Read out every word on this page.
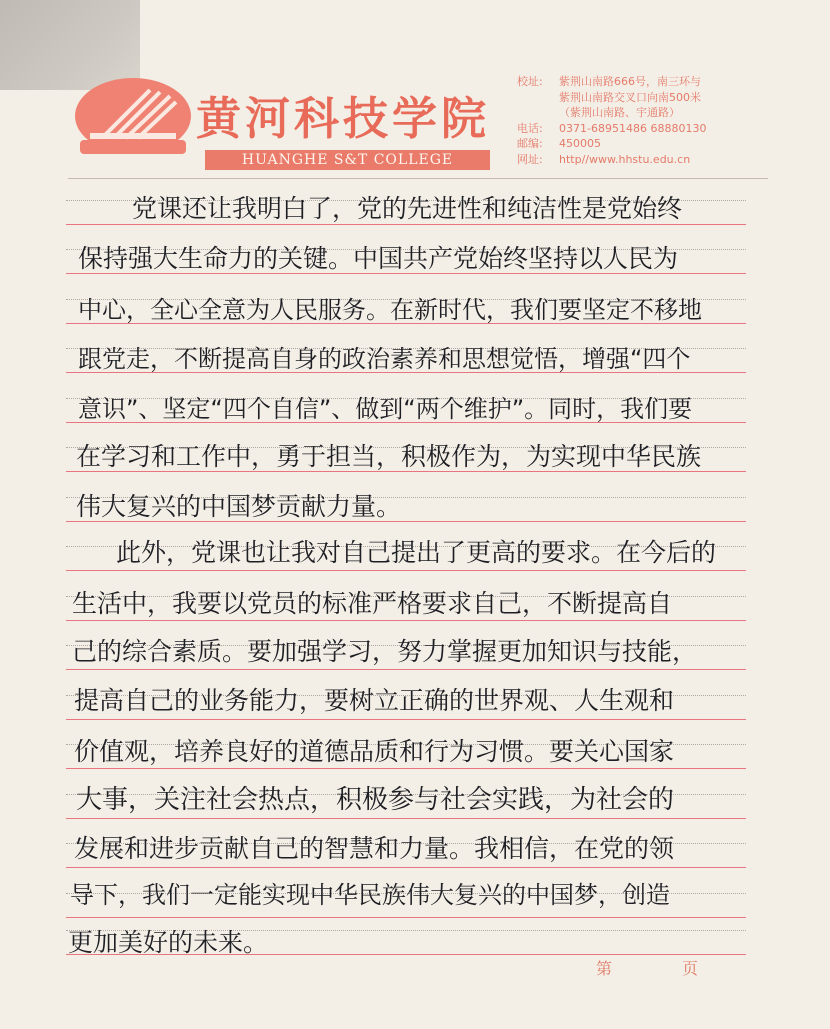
黄河科技学院
HUANGHE S&T COLLEGE
校址:	紫荆山南路666号，南三环与
紫荆山南路交叉口向南500米
（紫荆山南路、宇通路）
电话:	0371-68951486 68880130
邮编:	450005
网址:	http//www.hhstu.edu.cn
　　党课还让我明白了，党的先进性和纯洁性是党始终
保持强大生命力的关键。中国共产党始终坚持以人民为
中心，全心全意为人民服务。在新时代，我们要坚定不移地
跟党走，不断提高自身的政治素养和思想觉悟，增强“四个
意识”、坚定“四个自信”、做到“两个维护”。同时，我们要
在学习和工作中，勇于担当，积极作为，为实现中华民族
伟大复兴的中国梦贡献力量。
　　此外，党课也让我对自己提出了更高的要求。在今后的
生活中，我要以党员的标准严格要求自己，不断提高自
己的综合素质。要加强学习，努力掌握更加知识与技能，
提高自己的业务能力，要树立正确的世界观、人生观和
价值观，培养良好的道德品质和行为习惯。要关心国家
大事，关注社会热点，积极参与社会实践，为社会的
发展和进步贡献自己的智慧和力量。我相信，在党的领
导下，我们一定能实现中华民族伟大复兴的中国梦，创造
更加美好的未来。
第	页
